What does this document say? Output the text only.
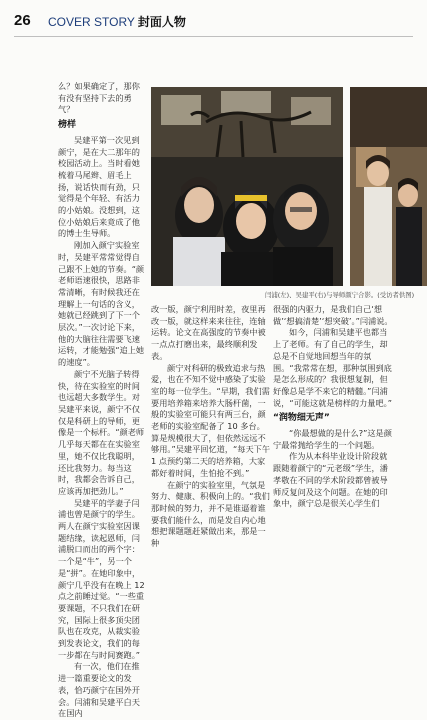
26 COVER STORY 封面人物
闫浦(左)、吴建平(右)与导师颜宁合影。(受访者供图)

么？如果确定了，那你有没有坚持下去的勇气？

榜样

吴建平第一次见到颜宁，是在大二那年的校园活动上。当时看她梳着马尾辫、眉毛上扬，说话快而有劲，只觉得是个年轻、有活力的小姑娘。没想到，这位小姑娘后来竟成了他的博士生导师。

刚加入颜宁实验室时，吴建平常常觉得自己跟不上她的节奏。“颜老师语速很快，思路非常清晰，有时候我还在理解上一句话的含义，她就已经跳到了下一个层次。”一次讨论下来，他的大脑往往需要飞速运转，才能勉强“追上她的速度”。

颜宁不光脑子转得快，待在实验室的时间也远超大多数学生。对吴建平来说，颜宁不仅仅是科研上的导师，更像是一个标杆。“颜老师几乎每天都在在实验室里，她不仅比我聪明，还比我努力。每当这时，我都会告诉自己，应该再加把劲儿。”

吴建平的学妻子闫浦也曾是颜宁的学生。两人在颜宁实验室因课题结缘，读起恩师，闫浦脱口而出的两个字：一个是“牛”，另一个是“拼”。在她印象中，颜宁几乎没有在晚上 12 点之前睡过觉。“一些重要课题，不只我们在研究，国际上很多顶尖团队也在攻克，从裁实验到发表论文，我们的每一步都在与时间赛跑。”

有一次，他们在推进一篇重要论文的发表，恰巧颜宁在国外开会。闫浦和吴建平白天在国内

改一版，颜宁利用时差，夜里再改一版，就这样来来往往，连轴运转。论文在高强度的节奏中被一点点打磨出来，最终顺利发表。

颜宁对科研的极致追求与热爱，也在不知不觉中感染了实验室的每一位学生。“早期，我们需要用培养箱来培养大肠杆菌，一般的实验室可能只有两三台，颜老师的实验室配备了 10 多台。算是规模很大了，但依然远远不够用。”吴建平回忆道，“每天下午 1 点预约第二天的培养箱，大家都好着时间，生怕抢不到。”

在颜宁的实验室里，气氛是努力、健康、积极向上的。“我们那时候的努力，并不是谁逼着谁要我们能什么，而是发自内心地想把课题题赶紧做出来，那是一种

很强的内驱力，是我们自己‘想做’‘想搞清楚’‘想突破’。”闫浦说。

如今，闫浦和吴建平也都当上了老师。有了自己的学生，却总是不自觉地回想当年的氛围。“我常常在想，那种氛围到底是怎么形成的？我很想复制，但好像总是学不来它的精髓。”闫浦说，“可能这就是榜样的力量吧。”

“润物细无声”

“你最想做的是什么?”这是颜宁最常抛给学生的一个问题。

作为从本科毕业设计阶段就跟随着颜宁的“元老级”学生，潘孝敬在不同的学术阶段都曾被导师反复问及这个问题。在她的印象中，颜宁总是很关心学生们
